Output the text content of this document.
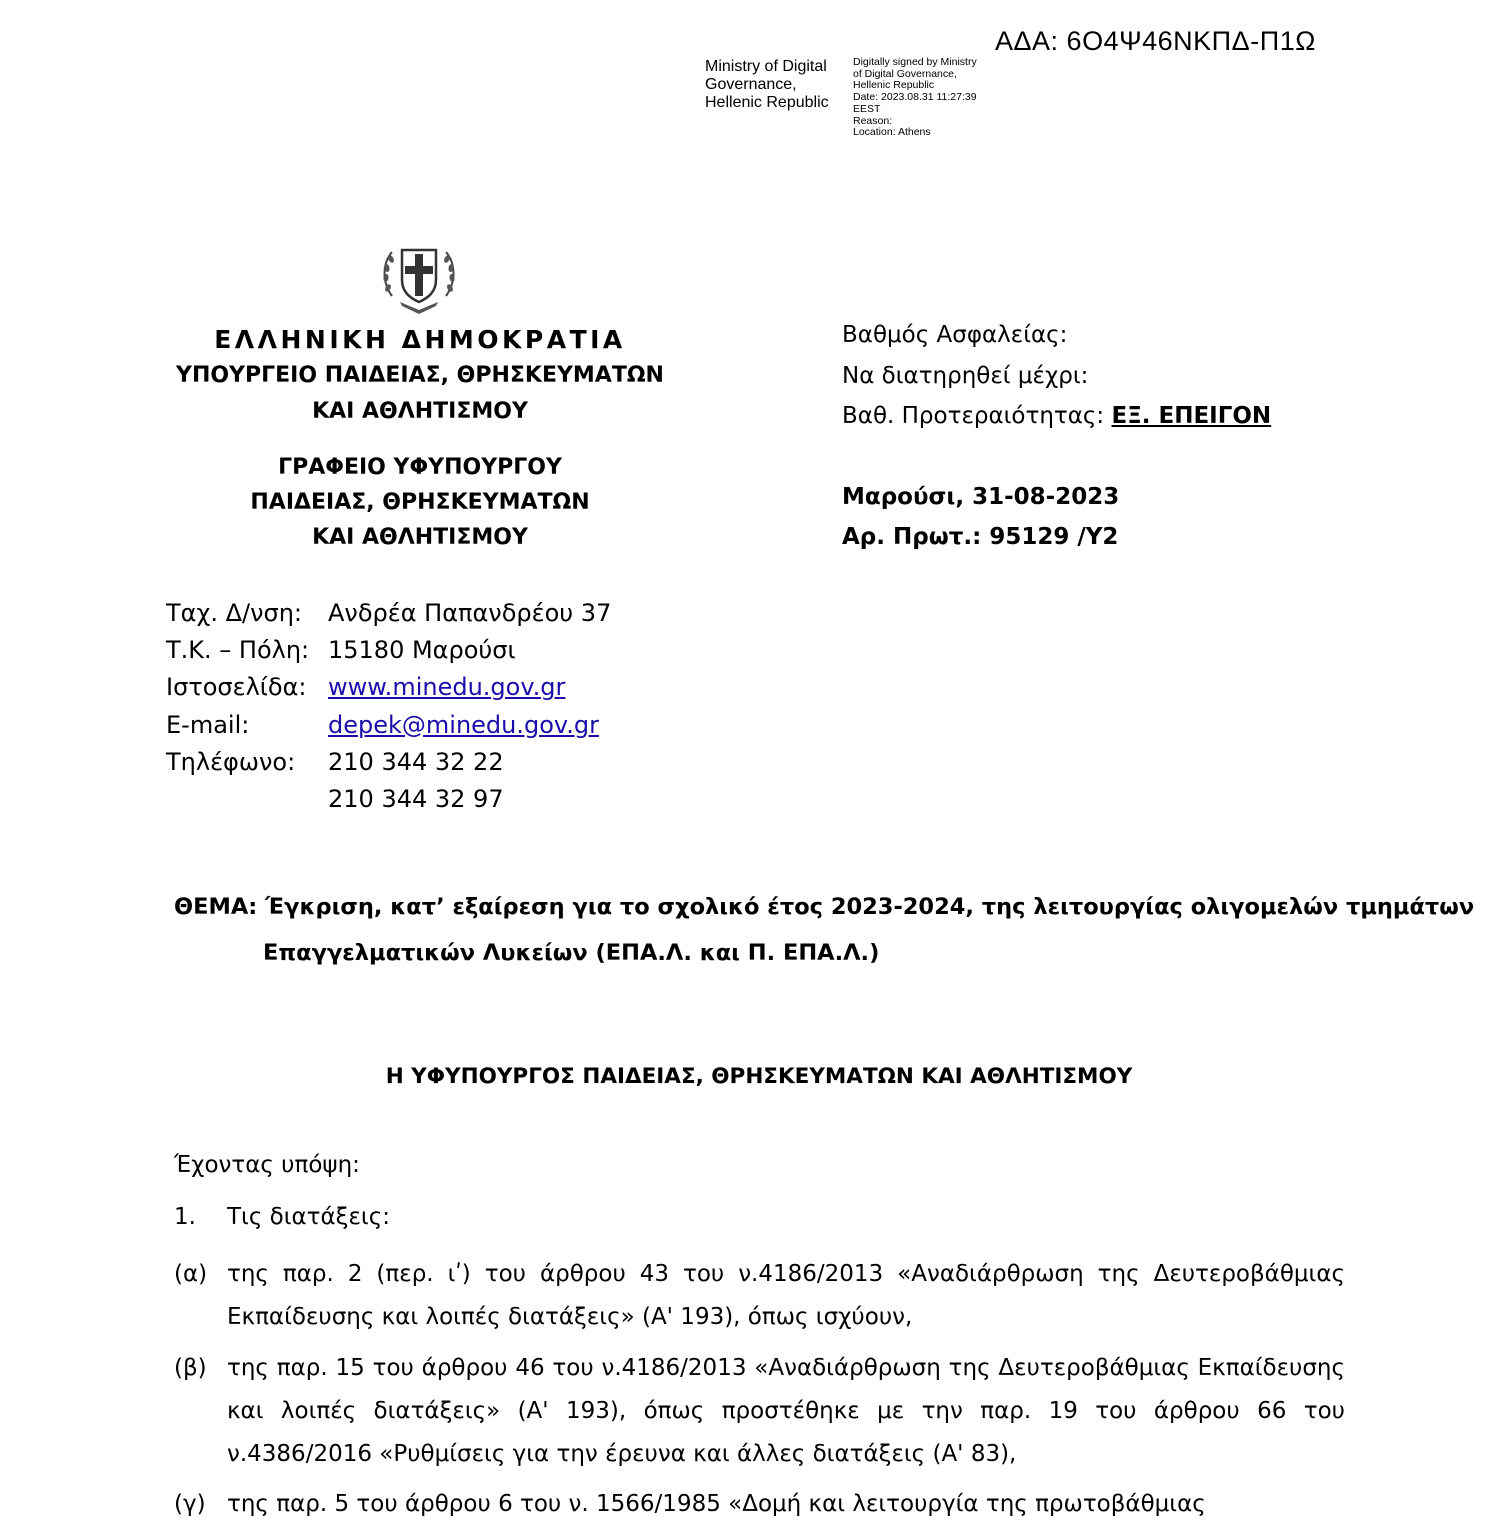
ΑΔΑ: 6Ο4Ψ46ΝΚΠΔ-Π1Ω
Ministry of Digital
Governance,
Hellenic Republic
Digitally signed by Ministry
of Digital Governance,
Hellenic Republic
Date: 2023.08.31 11:27:39
EEST
Reason:
Location: Athens
ΕΛΛΗΝΙΚΗ ΔΗΜΟΚΡΑΤΙΑ
ΥΠΟΥΡΓΕΙΟ ΠΑΙΔΕΙΑΣ, ΘΡΗΣΚΕΥΜΑΤΩΝ
ΚΑΙ ΑΘΛΗΤΙΣΜΟΥ
ΓΡΑΦΕΙΟ ΥΦΥΠΟΥΡΓΟΥ
ΠΑΙΔΕΙΑΣ, ΘΡΗΣΚΕΥΜΑΤΩΝ
ΚΑΙ ΑΘΛΗΤΙΣΜΟΥ
Ταχ. Δ/νση:	Ανδρέα Παπανδρέου 37
Τ.Κ. – Πόλη: 15180 Μαρούσι
Ιστοσελίδα: www.minedu.gov.gr
E-mail:	depek@minedu.gov.gr
Τηλέφωνο:	210 344 32 22
210 344 32 97
Βαθμός Ασφαλείας:
Να διατηρηθεί μέχρι:
Βαθ. Προτεραιότητας:
ΕΞ. ΕΠΕΙΓΟΝ
Μαρούσι, 31-08-2023
Αρ. Πρωτ.: 95129 /Υ2
ΘΕΜΑ: Έγκριση, κατ’ εξαίρεση για το σχολικό έτος 2023-2024, της λειτουργίας ολιγομελών τμημάτων
Επαγγελματικών Λυκείων (ΕΠΑ.Λ. και Π. ΕΠΑ.Λ.)
Η ΥΦΥΠΟΥΡΓΟΣ ΠΑΙΔΕΙΑΣ, ΘΡΗΣΚΕΥΜΑΤΩΝ ΚΑΙ ΑΘΛΗΤΙΣΜΟΥ
Έχοντας υπόψη:
1. Τις διατάξεις:
(α) της παρ. 2 (περ. ιʹ) του άρθρου 43 του ν.4186/2013 «Αναδιάρθρωση της Δευτεροβάθμιας Εκπαίδευσης και λοιπές διατάξεις» (Α' 193), όπως ισχύουν,
(β) της παρ. 15 του άρθρου 46 του ν.4186/2013 «Αναδιάρθρωση της Δευτεροβάθμιας Εκπαίδευσης και λοιπές διατάξεις» (Α' 193), όπως προστέθηκε με την παρ. 19 του άρθρου 66 του ν.4386/2016 «Ρυθμίσεις για την έρευνα και άλλες διατάξεις (Α' 83),
(γ) της παρ. 5 του άρθρου 6 του ν. 1566/1985 «Δομή και λειτουργία της πρωτοβάθμιας
